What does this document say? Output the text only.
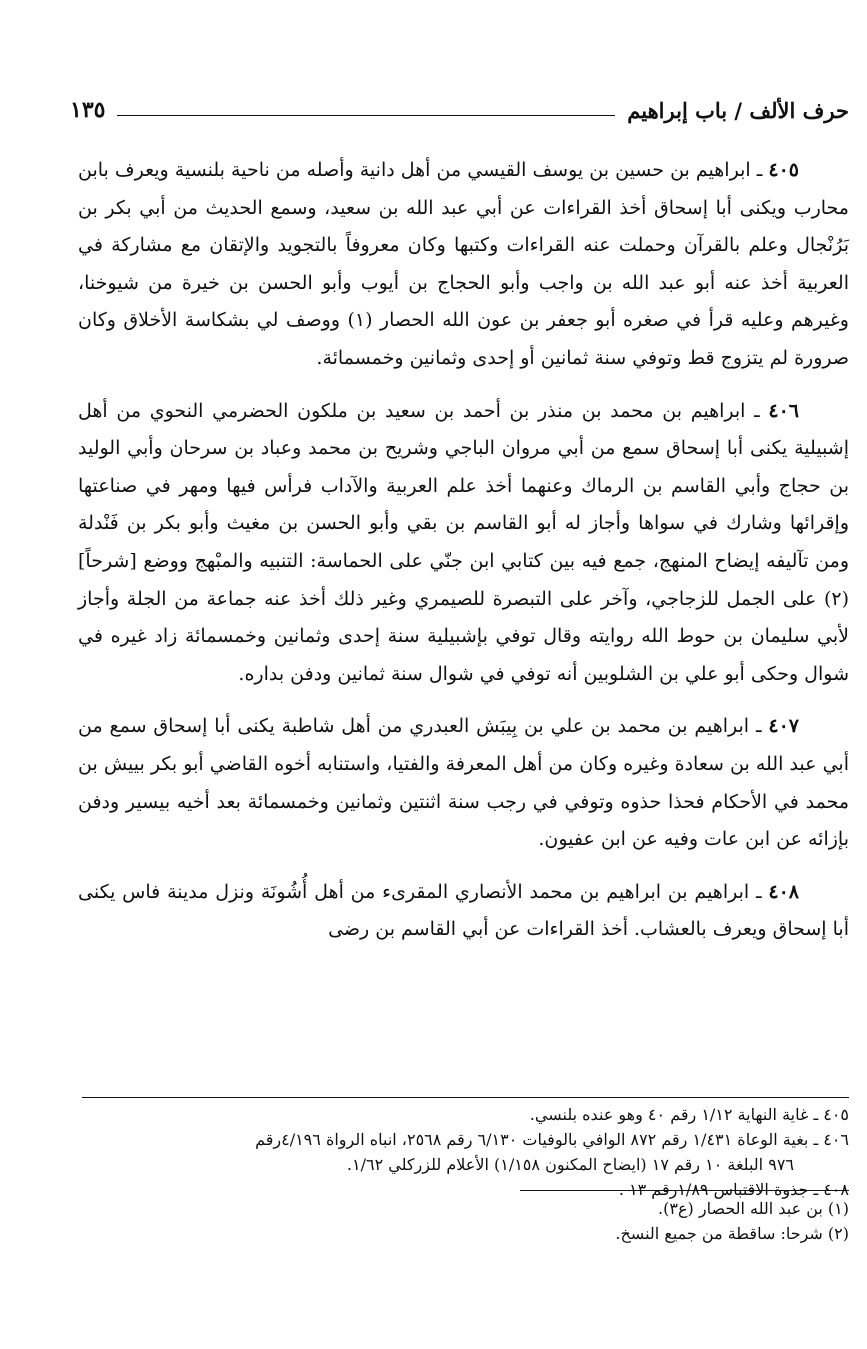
حرف الألف / باب إبراهيم
١٣٥

٤٠٥ ـ ابراهيم بن حسين بن يوسف القيسي من أهل دانية وأصله من ناحية بلنسية ويعرف بابن محارب ويكنى أبا إسحاق أخذ القراءات عن أبي عبد الله بن سعيد، وسمع الحديث من أبي بكر بن بَرُنْجال وعلم بالقرآن وحملت عنه القراءات وكتبها وكان معروفاً بالتجويد والإتقان مع مشاركة في العربية أخذ عنه أبو عبد الله بن واجب وأبو الحجاج بن أيوب وأبو الحسن بن خيرة من شيوخنا، وغيرهم وعليه قرأ في صغره أبو جعفر بن عون الله الحصار (١) ووصف لي بشكاسة الأخلاق وكان صرورة لم يتزوج قط وتوفي سنة ثمانين أو إحدى وثمانين وخمسمائة.

٤٠٦ ـ ابراهيم بن محمد بن منذر بن أحمد بن سعيد بن ملكون الحضرمي النحوي من أهل إشبيلية يكنى أبا إسحاق سمع من أبي مروان الباجي وشريح بن محمد وعباد بن سرحان وأبي الوليد بن حجاج وأبي القاسم بن الرماك وعنهما أخذ علم العربية والآداب فرأس فيها ومهر في صناعتها وإقرائها وشارك في سواها وأجاز له أبو القاسم بن بقي وأبو الحسن بن مغيث وأبو بكر بن فَنْدلة ومن تآليفه إيضاح المنهج، جمع فيه بين كتابي ابن جنّي على الحماسة: التنبيه والمبْهج ووضع [شرحاً](٢) على الجمل للزجاجي، وآخر على التبصرة للصيمري وغير ذلك أخذ عنه جماعة من الجلة وأجاز لأبي سليمان بن حوط الله روايته وقال توفي بإشبيلية سنة إحدى وثمانين وخمسمائة زاد غيره في شوال وحكى أبو علي بن الشلوبين أنه توفي في شوال سنة ثمانين ودفن بداره.

٤٠٧ ـ ابراهيم بن محمد بن علي بن بِيبَش العبدري من أهل شاطبة يكنى أبا إسحاق سمع من أبي عبد الله بن سعادة وغيره وكان من أهل المعرفة والفتيا، واستنابه أخوه القاضي أبو بكر بييش بن محمد في الأحكام فحذا حذوه وتوفي في رجب سنة اثنتين وثمانين وخمسمائة بعد أخيه بيسير ودفن بإزائه عن ابن عات وفيه عن ابن عفيون.

٤٠٨ ـ ابراهيم بن ابراهيم بن محمد الأنصاري المقرىء من أهل أُشُونَة ونزل مدينة فاس يكنى أبا إسحاق ويعرف بالعشاب. أخذ القراءات عن أبي القاسم بن رضى

٤٠٥ ـ غاية النهاية ١/١٢ رقم ٤٠ وهو عنده بلنسي.

٤٠٦ ـ بغية الوعاة ١/٤٣١ رقم ٨٧٢ الوافي بالوفيات ٦/١٣٠ رقم ٢٥٦٨، انباه الرواة ٤/١٩٦رقم
٩٧٦ البلغة ١٠ رقم ١٧ (ايضاح المكنون ١/١٥٨) الأعلام للزركلي ١/٦٢.

٤٠٨ ـ جذوة الاقتباس ١/٨٩رقم ١٣ .

(١) بن عبد الله الحصار (ع٣).

(٢) شرحا: ساقطة من جميع النسخ.
